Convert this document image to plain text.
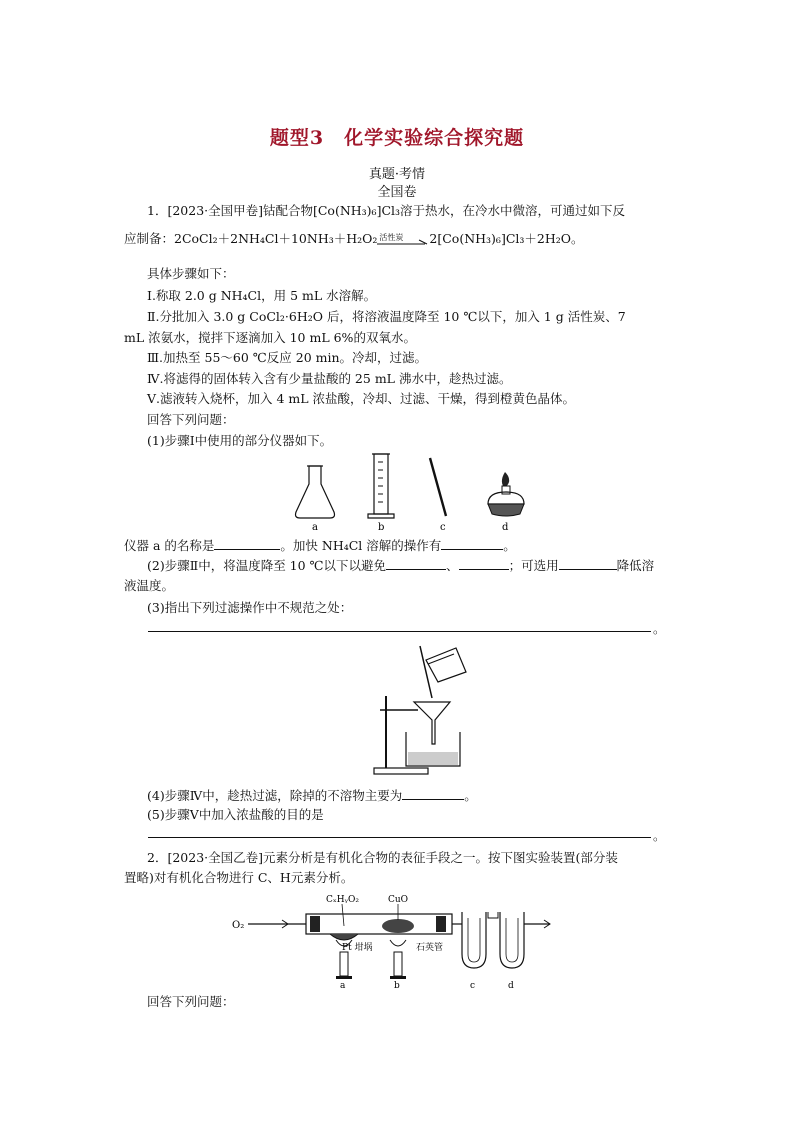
题型3　化学实验综合探究题
真题·考情
全国卷
1．[2023·全国甲卷]钴配合物[Co(NH₃)₆]Cl₃溶于热水，在冷水中微溶，可通过如下反
应制备：2CoCl₂＋2NH₄Cl＋10NH₃＋H₂O₂ 活性炭 2[Co(NH₃)₆]Cl₃＋2H₂O。
具体步骤如下：
Ⅰ.称取 2.0 g NH₄Cl，用 5 mL 水溶解。
Ⅱ.分批加入 3.0 g CoCl₂·6H₂O 后，将溶液温度降至 10 ℃以下，加入 1 g 活性炭、7
mL 浓氨水，搅拌下逐滴加入 10 mL 6%的双氧水。
Ⅲ.加热至 55～60 ℃反应 20 min。冷却，过滤。
Ⅳ.将滤得的固体转入含有少量盐酸的 25 mL 沸水中，趁热过滤。
Ⅴ.滤液转入烧杯，加入 4 mL 浓盐酸，冷却、过滤、干燥，得到橙黄色晶体。
回答下列问题：
(1)步骤Ⅰ中使用的部分仪器如下。
a	b	c	d
仪器 a 的名称是	。加快 NH₄Cl 溶解的操作有	。
(2)步骤Ⅱ中，将温度降至 10 ℃以下以避免	、	；可选用	降低溶
液温度。
(3)指出下列过滤操作中不规范之处：
。
(4)步骤Ⅳ中，趁热过滤，除掉的不溶物主要为	。
(5)步骤Ⅴ中加入浓盐酸的目的是
。
2．[2023·全国乙卷]元素分析是有机化合物的表征手段之一。按下图实验装置(部分装
置略)对有机化合物进行 C、H元素分析。
O₂
CₓHᵧO₂	CuO
Pt 坩埚	石英管
a	b	c	d
回答下列问题：
